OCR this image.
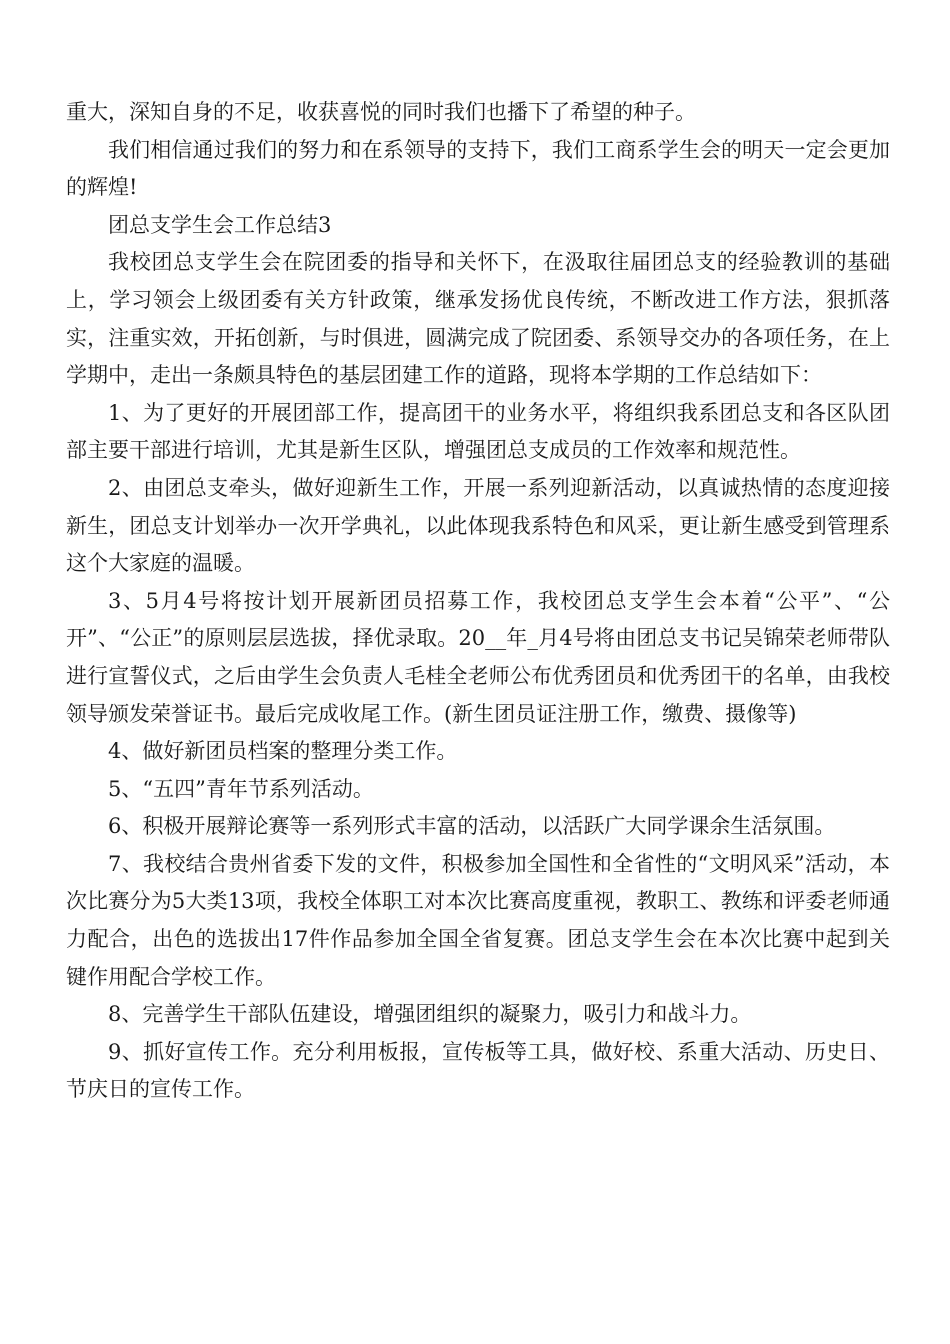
重大，深知自身的不足，收获喜悦的同时我们也播下了希望的种子。

我们相信通过我们的努力和在系领导的支持下，我们工商系学生会的明天一定会更加的辉煌!

团总支学生会工作总结3

我校团总支学生会在院团委的指导和关怀下，在汲取往届团总支的经验教训的基础上，学习领会上级团委有关方针政策，继承发扬优良传统，不断改进工作方法，狠抓落实，注重实效，开拓创新，与时俱进，圆满完成了院团委、系领导交办的各项任务，在上学期中，走出一条颇具特色的基层团建工作的道路，现将本学期的工作总结如下：

1、为了更好的开展团部工作，提高团干的业务水平，将组织我系团总支和各区队团部主要干部进行培训，尤其是新生区队，增强团总支成员的工作效率和规范性。

2、由团总支牵头，做好迎新生工作，开展一系列迎新活动，以真诚热情的态度迎接新生，团总支计划举办一次开学典礼，以此体现我系特色和风采，更让新生感受到管理系这个大家庭的温暖。

3、5月4号将按计划开展新团员招募工作，我校团总支学生会本着“公平”、“公开”、“公正”的原则层层选拔，择优录取。20__年_月4号将由团总支书记吴锦荣老师带队进行宣誓仪式，之后由学生会负责人毛桂全老师公布优秀团员和优秀团干的名单，由我校领导颁发荣誉证书。最后完成收尾工作。(新生团员证注册工作，缴费、摄像等)

4、做好新团员档案的整理分类工作。

5、“五四”青年节系列活动。

6、积极开展辩论赛等一系列形式丰富的活动，以活跃广大同学课余生活氛围。

7、我校结合贵州省委下发的文件，积极参加全国性和全省性的“文明风采”活动，本次比赛分为5大类13项，我校全体职工对本次比赛高度重视，教职工、教练和评委老师通力配合，出色的选拔出17件作品参加全国全省复赛。团总支学生会在本次比赛中起到关键作用配合学校工作。

8、完善学生干部队伍建设，增强团组织的凝聚力，吸引力和战斗力。

9、抓好宣传工作。充分利用板报，宣传板等工具，做好校、系重大活动、历史日、节庆日的宣传工作。
